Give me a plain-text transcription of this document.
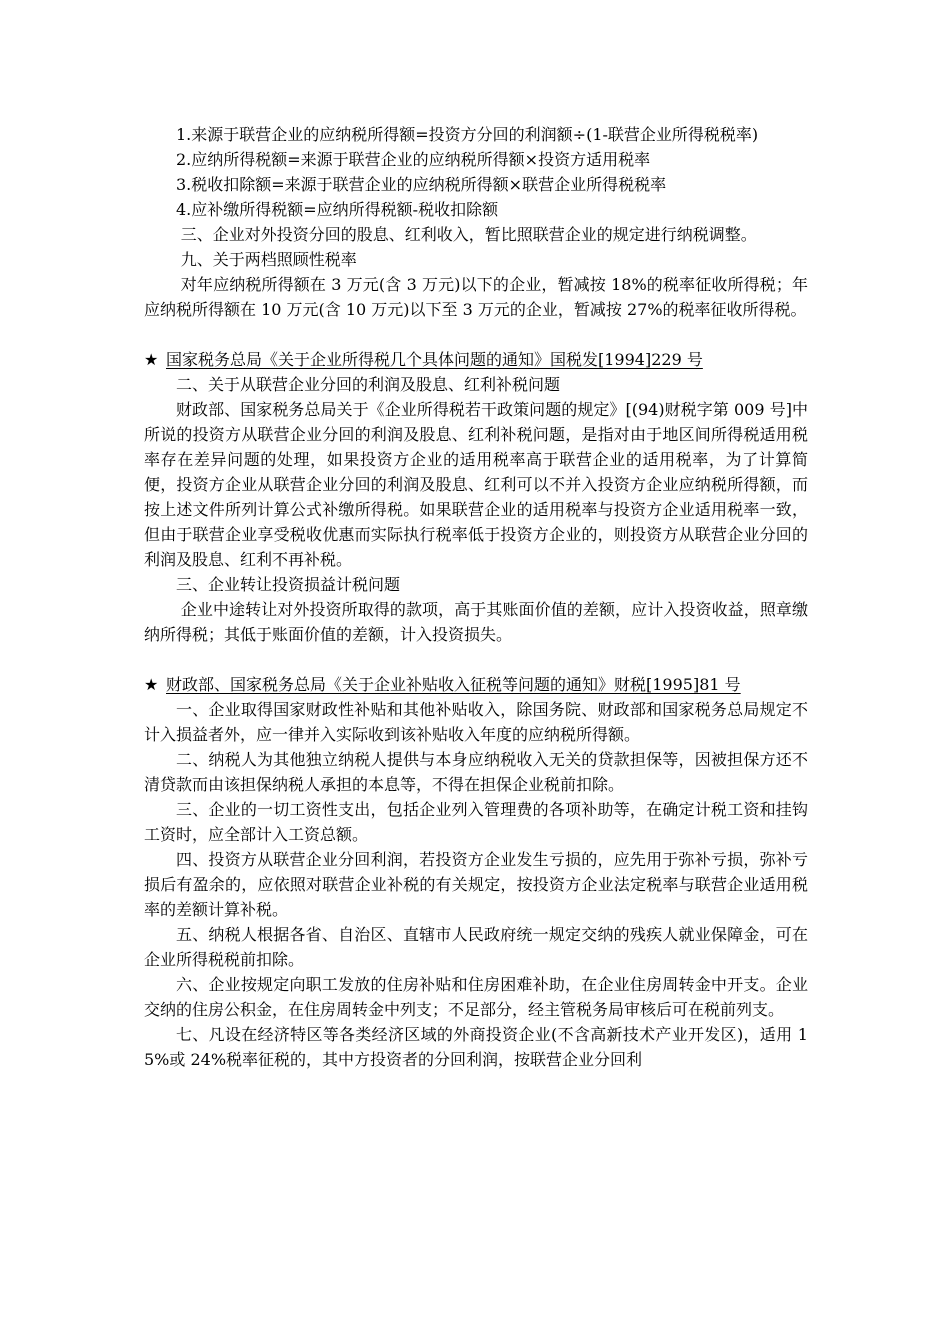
1.来源于联营企业的应纳税所得额=投资方分回的利润额÷(1-联营企业所得税税率)

2.应纳所得税额=来源于联营企业的应纳税所得额×投资方适用税率

3.税收扣除额=来源于联营企业的应纳税所得额×联营企业所得税税率

4.应补缴所得税额=应纳所得税额-税收扣除额

三、企业对外投资分回的股息、红利收入，暂比照联营企业的规定进行纳税调整。

九、关于两档照顾性税率

对年应纳税所得额在 3 万元(含 3 万元)以下的企业，暂减按 18%的税率征收所得税；年应纳税所得额在 10 万元(含 10 万元)以下至 3 万元的企业，暂减按 27%的税率征收所得税。

★ 国家税务总局《关于企业所得税几个具体问题的通知》国税发[1994]229 号

二、关于从联营企业分回的利润及股息、红利补税问题

财政部、国家税务总局关于《企业所得税若干政策问题的规定》[(94)财税字第 009 号]中所说的投资方从联营企业分回的利润及股息、红利补税问题，是指对由于地区间所得税适用税率存在差异问题的处理，如果投资方企业的适用税率高于联营企业的适用税率，为了计算简便，投资方企业从联营企业分回的利润及股息、红利可以不并入投资方企业应纳税所得额，而按上述文件所列计算公式补缴所得税。如果联营企业的适用税率与投资方企业适用税率一致，但由于联营企业享受税收优惠而实际执行税率低于投资方企业的，则投资方从联营企业分回的利润及股息、红利不再补税。

三、企业转让投资损益计税问题

企业中途转让对外投资所取得的款项，高于其账面价值的差额，应计入投资收益，照章缴纳所得税；其低于账面价值的差额，计入投资损失。

★ 财政部、国家税务总局《关于企业补贴收入征税等问题的通知》财税[1995]81 号

一、企业取得国家财政性补贴和其他补贴收入，除国务院、财政部和国家税务总局规定不计入损益者外，应一律并入实际收到该补贴收入年度的应纳税所得额。

二、纳税人为其他独立纳税人提供与本身应纳税收入无关的贷款担保等，因被担保方还不清贷款而由该担保纳税人承担的本息等，不得在担保企业税前扣除。

三、企业的一切工资性支出，包括企业列入管理费的各项补助等，在确定计税工资和挂钩工资时，应全部计入工资总额。

四、投资方从联营企业分回利润，若投资方企业发生亏损的，应先用于弥补亏损，弥补亏损后有盈余的，应依照对联营企业补税的有关规定，按投资方企业法定税率与联营企业适用税率的差额计算补税。

五、纳税人根据各省、自治区、直辖市人民政府统一规定交纳的残疾人就业保障金，可在企业所得税税前扣除。

六、企业按规定向职工发放的住房补贴和住房困难补助，在企业住房周转金中开支。企业交纳的住房公积金，在住房周转金中列支；不足部分，经主管税务局审核后可在税前列支。

七、凡设在经济特区等各类经济区域的外商投资企业(不含高新技术产业开发区)，适用 15%或 24%税率征税的，其中方投资者的分回利润，按联营企业分回利
